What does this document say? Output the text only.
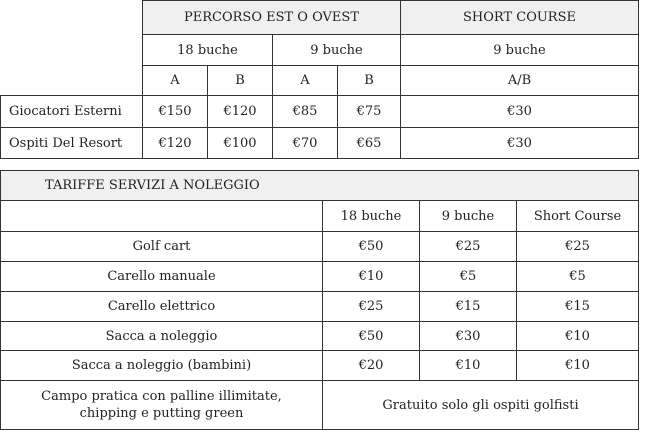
	PERCORSO EST O OVEST				SHORT COURSE
	18 buche		9 buche		9 buche
	A	B	A	B	A/B
Giocatori Esterni	€150	€120	€85	€75	€30
Ospiti Del Resort	€120	€100	€70	€65	€30
TARIFFE SERVIZI A NOLEGGIO			
	18 buche	9 buche	Short Course
Golf cart	€50	€25	€25
Carello manuale	€10	€5	€5
Carello elettrico	€25	€15	€15
Sacca a noleggio	€50	€30	€10
Sacca a noleggio (bambini)	€20	€10	€10
Campo pratica con palline illimitate,
chipping e putting green	Gratuito solo gli ospiti golfisti		
